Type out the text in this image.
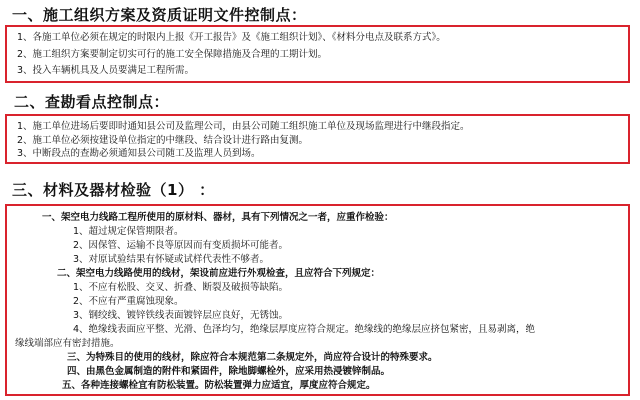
一、施工组织方案及资质证明文件控制点：
1、各施工单位必须在规定的时限内上报《开工报告》及《施工组织计划》、《材料分电点及联系方式》。
2、施工组织方案要制定切实可行的施工安全保障措施及合理的工期计划。
3、投入车辆机具及人员要满足工程所需。
二、查勘看点控制点：
1、施工单位进场后要即时通知县公司及监理公司，由县公司随工组织施工单位及现场监理进行中继段指定。
2、施工单位必须按建设单位指定的中继段、结合设计进行路由复测。
3、中断段点的查勘必须通知县公司随工及监理人员到场。
三、材料及器材检验（1） ：
一、架空电力线路工程所使用的原材料、器材，具有下列情况之一者，应重作检验：
1、超过规定保管期限者。
2、因保管、运输不良等原因而有变质损坏可能者。
3、对原试验结果有怀疑或试样代表性不够者。
二、架空电力线路使用的线材，架设前应进行外观检查，且应符合下列规定：
1、不应有松股、交叉、折叠、断裂及破损等缺陷。
2、不应有严重腐蚀现象。
3、钢绞线、镀锌铁线表面镀锌层应良好，无锈蚀。
4、绝缘线表面应平整、光滑、色泽均匀，绝缘层厚度应符合规定。绝缘线的绝缘层应挤包紧密，且易剥离，绝
缘线端部应有密封措施。
三、为特殊目的使用的线材，除应符合本规范第二条规定外，尚应符合设计的特殊要求。
四、由黑色金属制造的附件和紧固件，除地脚螺栓外，应采用热浸镀锌制品。
五、各种连接螺栓宜有防松装置。防松装置弹力应适宜，厚度应符合规定。
